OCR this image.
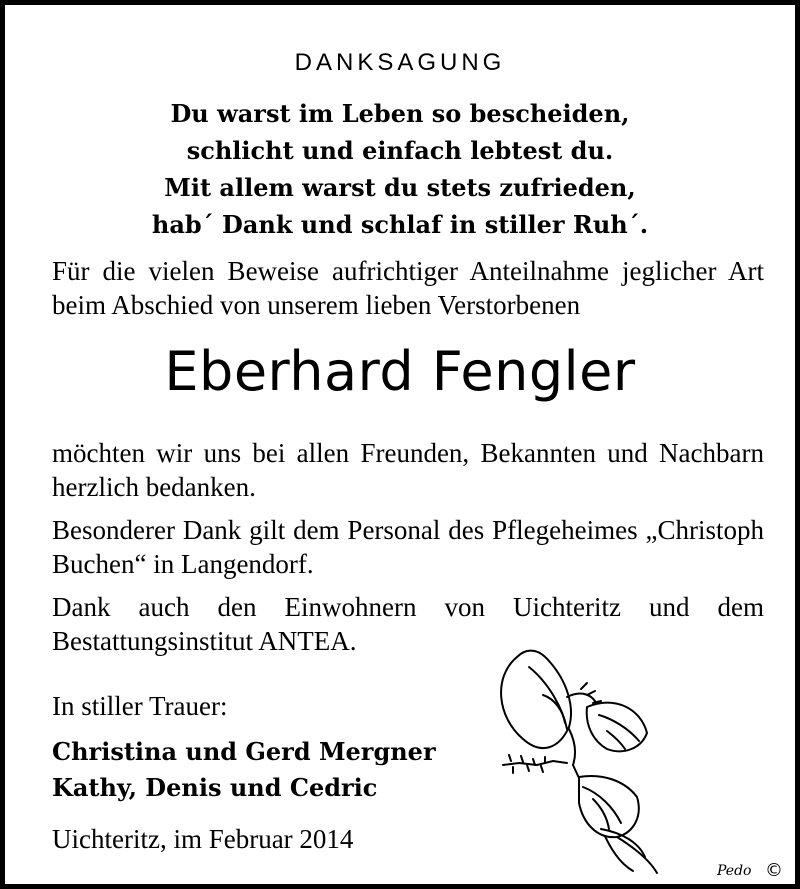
DANKSAGUNG
Du warst im Leben so bescheiden,
schlicht und einfach lebtest du.
Mit allem warst du stets zufrieden,
hab´ Dank und schlaf in stiller Ruh´.
Für die vielen Beweise aufrichtiger Anteilnahme jeglicher Art beim Abschied von unserem lieben Verstorbenen
Eberhard Fengler
möchten wir uns bei allen Freunden, Bekannten und Nachbarn herzlich bedanken.
Besonderer Dank gilt dem Personal des Pflegeheimes „Christoph Buchen“ in Langendorf.
Dank auch den Einwohnern von Uichteritz und dem Bestattungsinstitut ANTEA.
In stiller Trauer:
Christina und Gerd Mergner
Kathy, Denis und Cedric
Uichteritz, im Februar 2014
Pedo ©
